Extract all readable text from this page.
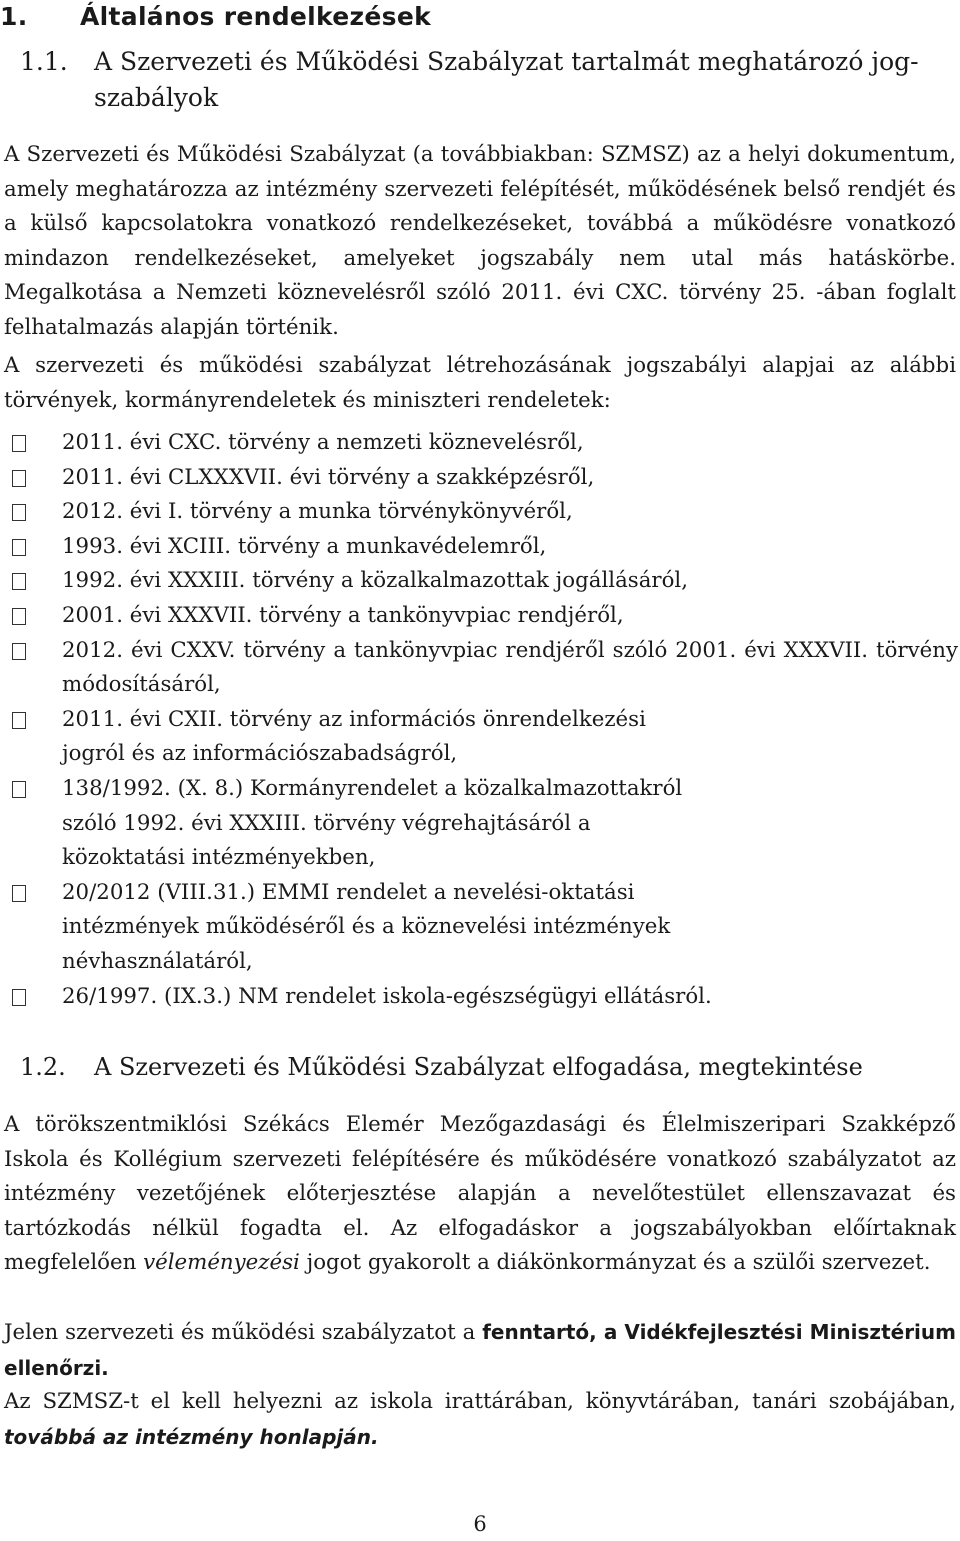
1. Általános rendelkezések
1.1. A Szervezeti és Működési Szabályzat tartalmát meghatározó jog-
szabályok
A Szervezeti és Működési Szabályzat (a továbbiakban: SZMSZ) az a helyi dokumentum, amely meghatározza az intézmény szervezeti felépítését, működésének belső rendjét és a külső kapcsolatokra vonatkozó rendelkezéseket, továbbá a működésre vonatkozó mindazon rendelkezéseket, amelyeket jogszabály nem utal más hatáskörbe. Megalkotása a Nemzeti köznevelésről szóló 2011. évi CXC. törvény 25. -ában foglalt felhatalmazás alapján történik.
A szervezeti és működési szabályzat létrehozásának jogszabályi alapjai az alábbi törvények, kormányrendeletek és miniszteri rendeletek:
2011. évi CXC. törvény a nemzeti köznevelésről,
2011. évi CLXXXVII. évi törvény a szakképzésről,
2012. évi I. törvény a munka törvénykönyvéről,
1993. évi XCIII. törvény a munkavédelemről,
1992. évi XXXIII. törvény a közalkalmazottak jogállásáról,
2001. évi XXXVII. törvény a tankönyvpiac rendjéről,
2012. évi CXXV. törvény a tankönyvpiac rendjéről szóló 2001. évi XXXVII. törvény módosításáról,
2011. évi CXII. törvény az információs önrendelkezési jogról és az információszabadságról,
138/1992. (X. 8.) Kormányrendelet a közalkalmazottakról szóló 1992. évi XXXIII. törvény végrehajtásáról a közoktatási intézményekben,
20/2012 (VIII.31.) EMMI rendelet a nevelési-oktatási intézmények működéséről és a köznevelési intézmények névhasználatáról,
26/1997. (IX.3.) NM rendelet iskola-egészségügyi ellátásról.
1.2. A Szervezeti és Működési Szabályzat elfogadása, megtekintése
A törökszentmiklósi Székács Elemér Mezőgazdasági és Élelmiszeripari Szakképző Iskola és Kollégium szervezeti felépítésére és működésére vonatkozó szabályzatot az intézmény vezetőjének előterjesztése alapján a nevelőtestület ellenszavazat és tartózkodás nélkül fogadta el. Az elfogadáskor a jogszabályokban előírtaknak megfelelően véleményezési jogot gyakorolt a diákönkormányzat és a szülői szervezet.
Jelen szervezeti és működési szabályzatot a fenntartó, a Vidékfejlesztési Minisztérium ellenőrzi.
Az SZMSZ-t el kell helyezni az iskola irattárában, könyvtárában, tanári szobájában, továbbá az intézmény honlapján.
6
